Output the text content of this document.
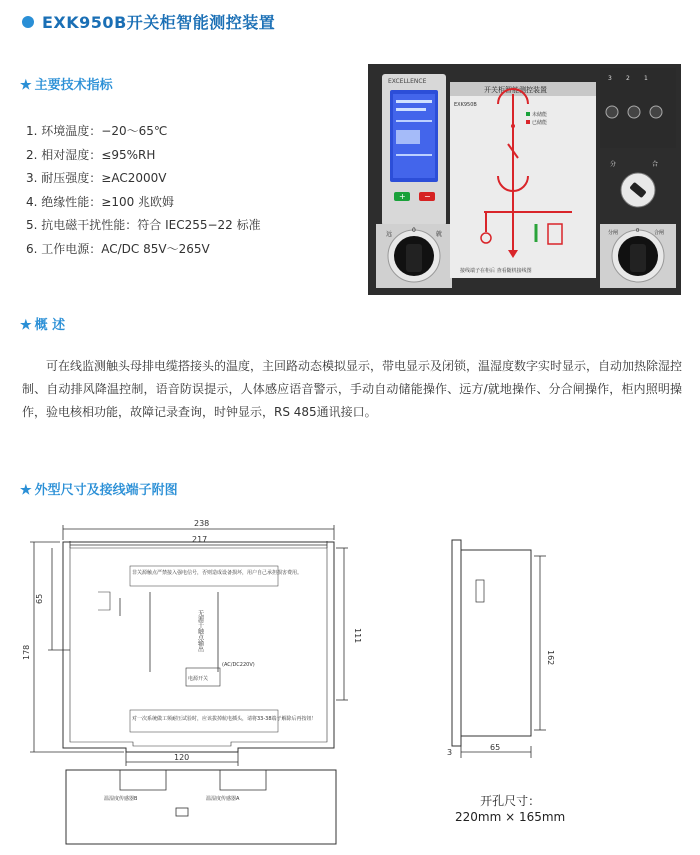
EXK950B开关柜智能测控装置
★ 主要技术指标
1. 环境温度：−20～65℃
2. 相对湿度：≤95%RH
3. 耐压强度：≥AC2000V
4. 绝缘性能：≥100 兆欧姆
5. 抗电磁干扰性能：符合 IEC255−22 标准
6. 工作电源：AC/DC 85V～265V
EXCELLENCE
+ −
远
0
就
开关柜智能测控装置
EXK950B
未储能
已储能
接线端子在柜后 查看随机接线图
3 2 1
分	合
分闸	0	合闸
★ 概 述
可在线监测触头母排电缆搭接头的温度，主回路动态模拟显示，带电显示及闭锁，温湿度数字实时显示，自动加热除湿控制、自动排风降温控制，语音防误提示，人体感应语音警示，手动自动储能操作、远方/就地操作、分合闸操作，柜内照明操作，验电核相功能，故障记录查询，时钟显示，RS 485通讯接口。
★ 外型尺寸及接线端子附图
238
217
65
178
111
120
162
65
3
非关源触点严禁接入强电信号，否则造成设备损坏，用户自己承担损害费用。
对一次系统做工频耐压试验时，应该拔掉航电插头，请将33-38端子解除后再按钮！
电源开关
(AC/DC220V)
无源干触点输出
温湿度传感器B	温湿度传感器A	开孔尺寸：
220mm × 165mm
